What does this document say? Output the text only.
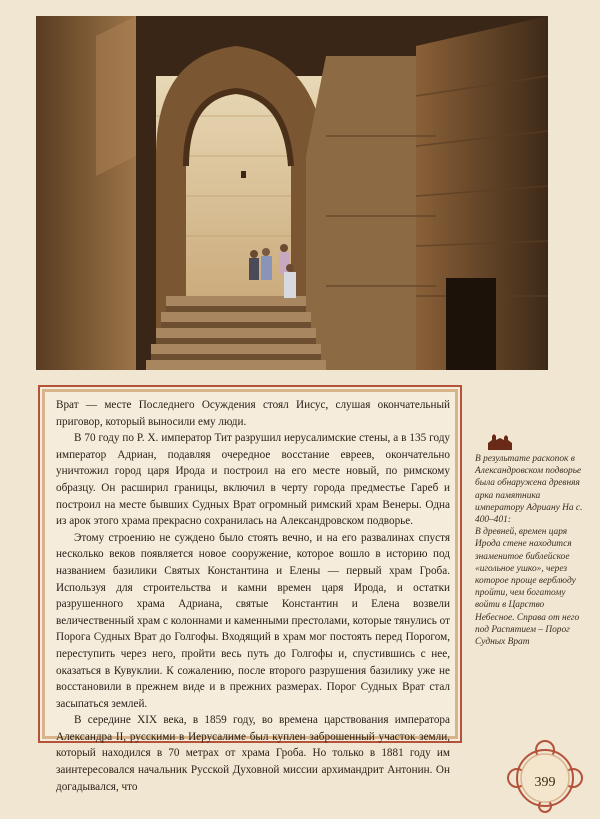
Врат — месте Последнего Осуждения стоял Иисус, слушая окончательный приговор, который выносили ему люди.

В 70 году по Р. Х. император Тит разрушил иерусалимские стены, а в 135 году император Адриан, подавляя очередное восстание евреев, окончательно уничтожил город царя Ирода и построил на его месте новый, по римскому образцу. Он расширил границы, включил в черту города предместье Гареб и построил на месте бывших Судных Врат огромный римский храм Венеры. Одна из арок этого храма прекрасно сохранилась на Александровском подворье.

Этому строению не суждено было стоять вечно, и на его развалинах спустя несколько веков появляется новое сооружение, которое вошло в историю под названием базилики Святых Константина и Елены — первый храм Гроба. Используя для строительства и камни времен царя Ирода, и остатки разрушенного храма Адриана, святые Константин и Елена возвели величественный храм с колоннами и каменными престолами, которые тянулись от Порога Судных Врат до Голгофы. Входящий в храм мог постоять перед Порогом, переступить через него, пройти весь путь до Голгофы и, спустившись с нее, оказаться в Кувуклии. К сожалению, после второго разрушения базилику уже не восстановили в прежнем виде и в прежних размерах. Порог Судных Врат стал засыпаться землей.

В середине XIX века, в 1859 году, во времена царствования императора Александра II, русскими в Иерусалиме был куплен заброшенный участок земли, который находился в 70 метрах от храма Гроба. Но только в 1881 году им заинтересовался начальник Русской Духовной миссии архимандрит Антонин. Он догадывался, что

В результате раскопок в Александровском подворье была обнаружена древняя арка памятника императору Адриану На с. 400–401:

В древней, времен царя Ирода стене находится знаменитое библейское «игольное ушко», через которое проще верблюду пройти, чем богатому войти в Царство Небесное. Справа от него под Распятием – Порог Судных Врат

399
